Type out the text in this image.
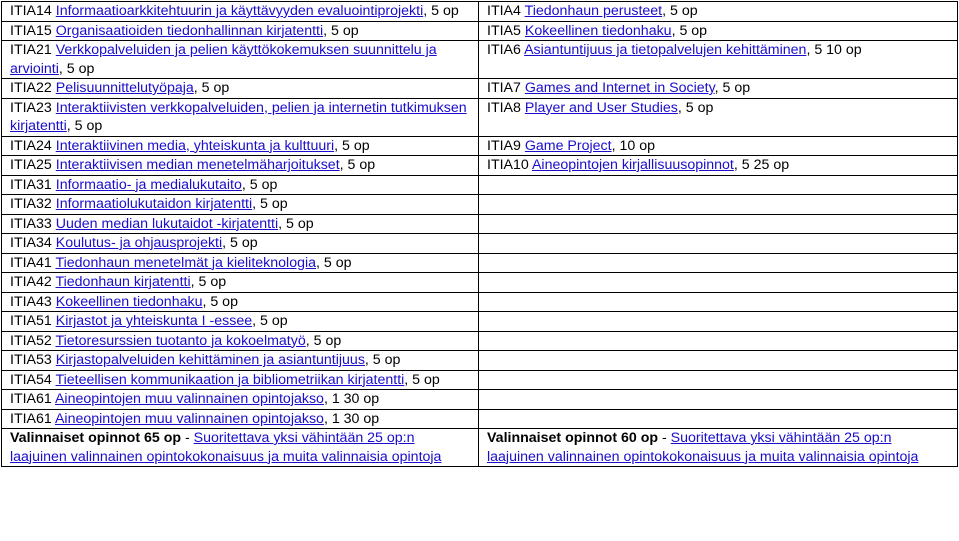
ITIA14 Informaatioarkkitehtuurin ja käyttävyyden evaluointiprojekti, 5 op	ITIA4 Tiedonhaun perusteet, 5 op
ITIA15 Organisaatioiden tiedonhallinnan kirjatentti, 5 op	ITIA5 Kokeellinen tiedonhaku, 5 op
ITIA21 Verkkopalveluiden ja pelien käyttökokemuksen suunnittelu ja arviointi, 5 op	ITIA6 Asiantuntijuus ja tietopalvelujen kehittäminen, 5 10 op
ITIA22 Pelisuunnittelutyöpaja, 5 op	ITIA7 Games and Internet in Society, 5 op
ITIA23 Interaktiivisten verkkopalveluiden, pelien ja internetin tutkimuksen kirjatentti, 5 op	ITIA8 Player and User Studies, 5 op
ITIA24 Interaktiivinen media, yhteiskunta ja kulttuuri, 5 op	ITIA9 Game Project, 10 op
ITIA25 Interaktiivisen median menetelmäharjoitukset, 5 op	ITIA10 Aineopintojen kirjallisuusopinnot, 5 25 op
ITIA31 Informaatio- ja medialukutaito, 5 op	
ITIA32 Informaatiolukutaidon kirjatentti, 5 op	
ITIA33 Uuden median lukutaidot -kirjatentti, 5 op	
ITIA34 Koulutus- ja ohjausprojekti, 5 op	
ITIA41 Tiedonhaun menetelmät ja kieliteknologia, 5 op	
ITIA42 Tiedonhaun kirjatentti, 5 op	
ITIA43 Kokeellinen tiedonhaku, 5 op	
ITIA51 Kirjastot ja yhteiskunta I -essee, 5 op	
ITIA52 Tietoresurssien tuotanto ja kokoelmatyö, 5 op	
ITIA53 Kirjastopalveluiden kehittäminen ja asiantuntijuus, 5 op	
ITIA54 Tieteellisen kommunikaation ja bibliometriikan kirjatentti, 5 op	
ITIA61 Aineopintojen muu valinnainen opintojakso, 1 30 op	
ITIA61 Aineopintojen muu valinnainen opintojakso, 1 30 op	
Valinnaiset opinnot 65 op - Suoritettava yksi vähintään 25 op:n laajuinen valinnainen opintokokonaisuus ja muita valinnaisia opintoja	Valinnaiset opinnot 60 op - Suoritettava yksi vähintään 25 op:n laajuinen valinnainen opintokokonaisuus ja muita valinnaisia opintoja
